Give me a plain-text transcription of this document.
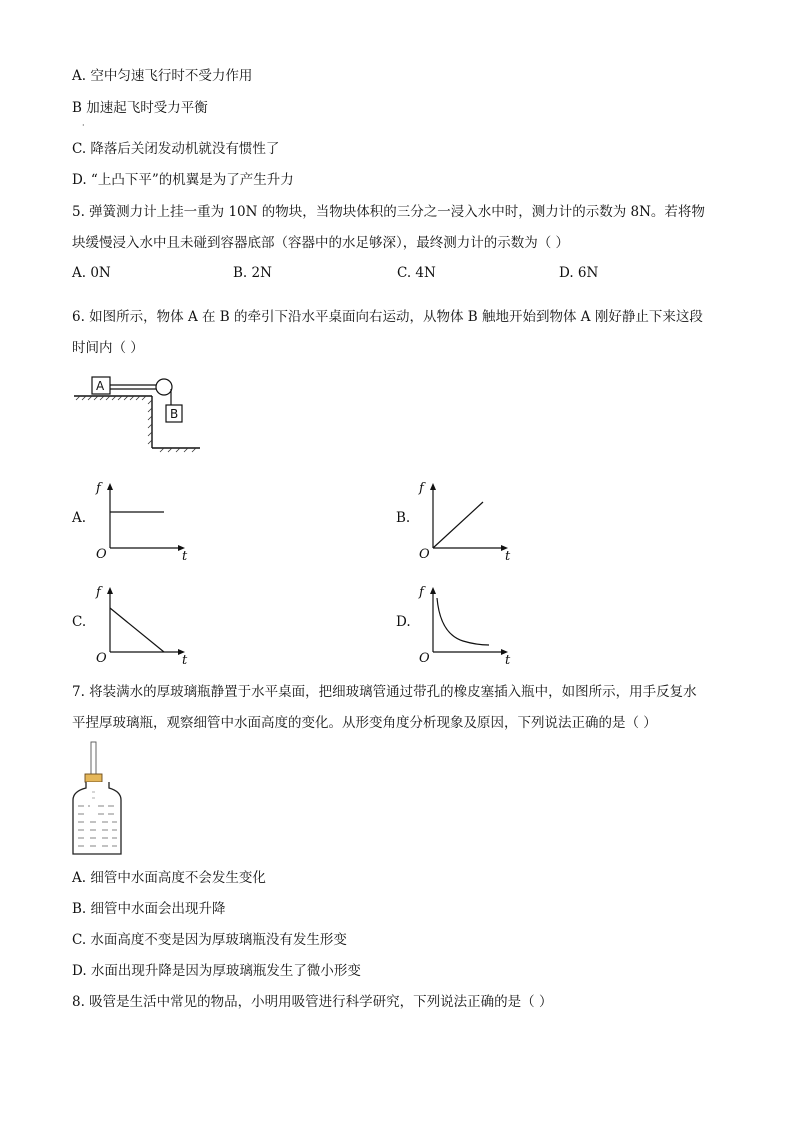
A. 空中匀速飞行时不受力作用
B 加速起飞时受力平衡
·
C. 降落后关闭发动机就没有惯性了
D. “上凸下平”的机翼是为了产生升力
5. 弹簧测力计上挂一重为 10N 的物块，当物块体积的三分之一浸入水中时，测力计的示数为 8N。若将物
块缓慢浸入水中且未碰到容器底部（容器中的水足够深），最终测力计的示数为（ ）
A. 0N	B. 2N	C. 4N	D. 6N
6. 如图所示，物体 A 在 B 的牵引下沿水平桌面向右运动，从物体 B 触地开始到物体 A 刚好静止下来这段
时间内（ ）
A
B
A.	B.
C.	D.
f
t
O
f
t
O
f
t
O
f
t
O
7. 将装满水的厚玻璃瓶静置于水平桌面，把细玻璃管通过带孔的橡皮塞插入瓶中，如图所示，用手反复水
平捏厚玻璃瓶，观察细管中水面高度的变化。从形变角度分析现象及原因，下列说法正确的是（ ）
A. 细管中水面高度不会发生变化
B. 细管中水面会出现升降
C. 水面高度不变是因为厚玻璃瓶没有发生形变
D. 水面出现升降是因为厚玻璃瓶发生了微小形变
8. 吸管是生活中常见的物品，小明用吸管进行科学研究，下列说法正确的是（ ）
